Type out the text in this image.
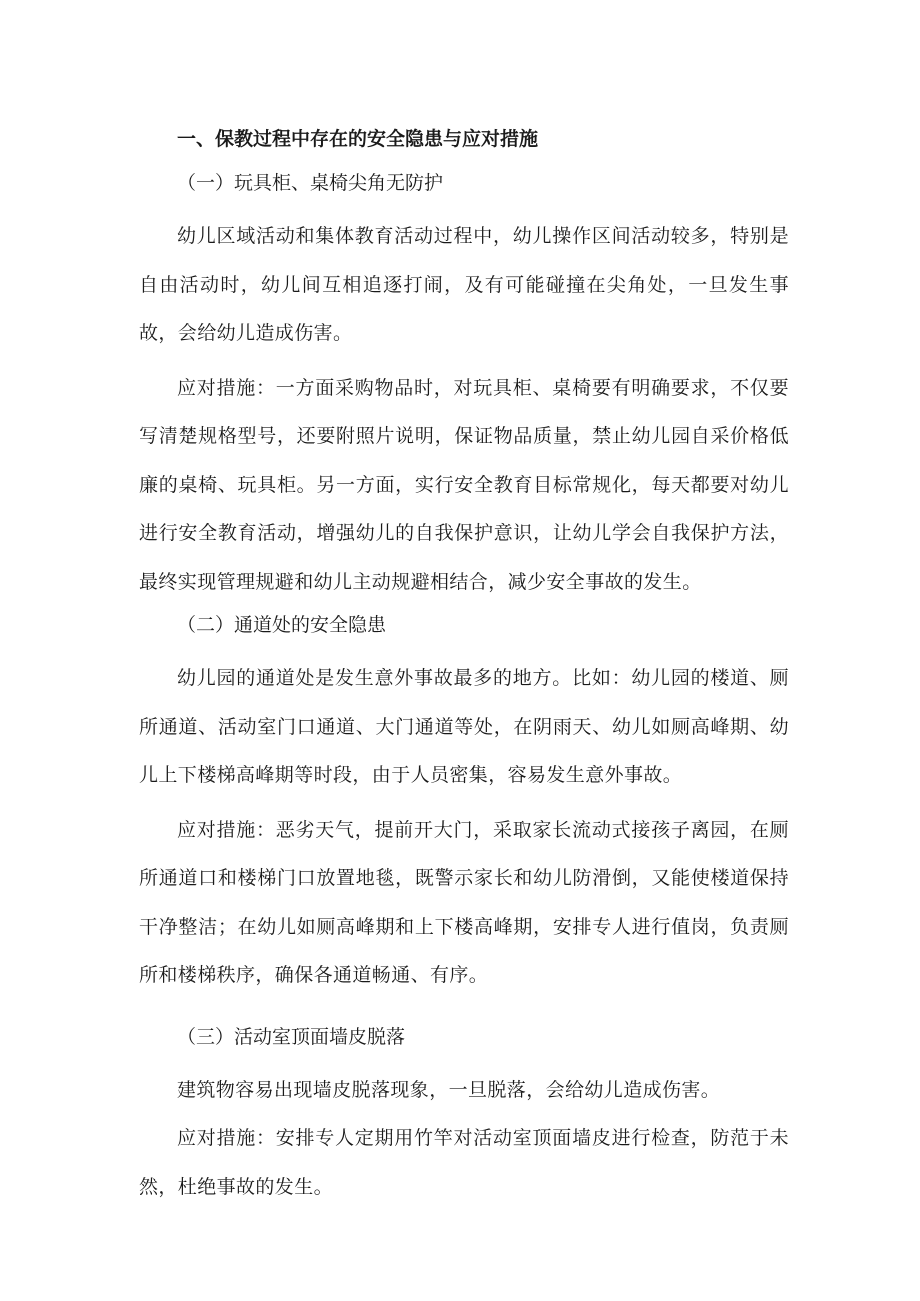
一、保教过程中存在的安全隐患与应对措施

（一）玩具柜、桌椅尖角无防护

幼儿区域活动和集体教育活动过程中，幼儿操作区间活动较多，特别是自由活动时，幼儿间互相追逐打闹，及有可能碰撞在尖角处，一旦发生事故，会给幼儿造成伤害。

应对措施：一方面采购物品时，对玩具柜、桌椅要有明确要求，不仅要写清楚规格型号，还要附照片说明，保证物品质量，禁止幼儿园自采价格低廉的桌椅、玩具柜。另一方面，实行安全教育目标常规化，每天都要对幼儿进行安全教育活动，增强幼儿的自我保护意识，让幼儿学会自我保护方法，最终实现管理规避和幼儿主动规避相结合，减少安全事故的发生。

（二）通道处的安全隐患

幼儿园的通道处是发生意外事故最多的地方。比如：幼儿园的楼道、厕所通道、活动室门口通道、大门通道等处，在阴雨天、幼儿如厕高峰期、幼儿上下楼梯高峰期等时段，由于人员密集，容易发生意外事故。

应对措施：恶劣天气，提前开大门，采取家长流动式接孩子离园，在厕所通道口和楼梯门口放置地毯，既警示家长和幼儿防滑倒，又能使楼道保持干净整洁；在幼儿如厕高峰期和上下楼高峰期，安排专人进行值岗，负责厕所和楼梯秩序，确保各通道畅通、有序。

（三）活动室顶面墙皮脱落

建筑物容易出现墙皮脱落现象，一旦脱落，会给幼儿造成伤害。

应对措施：安排专人定期用竹竿对活动室顶面墙皮进行检查，防范于未然，杜绝事故的发生。
